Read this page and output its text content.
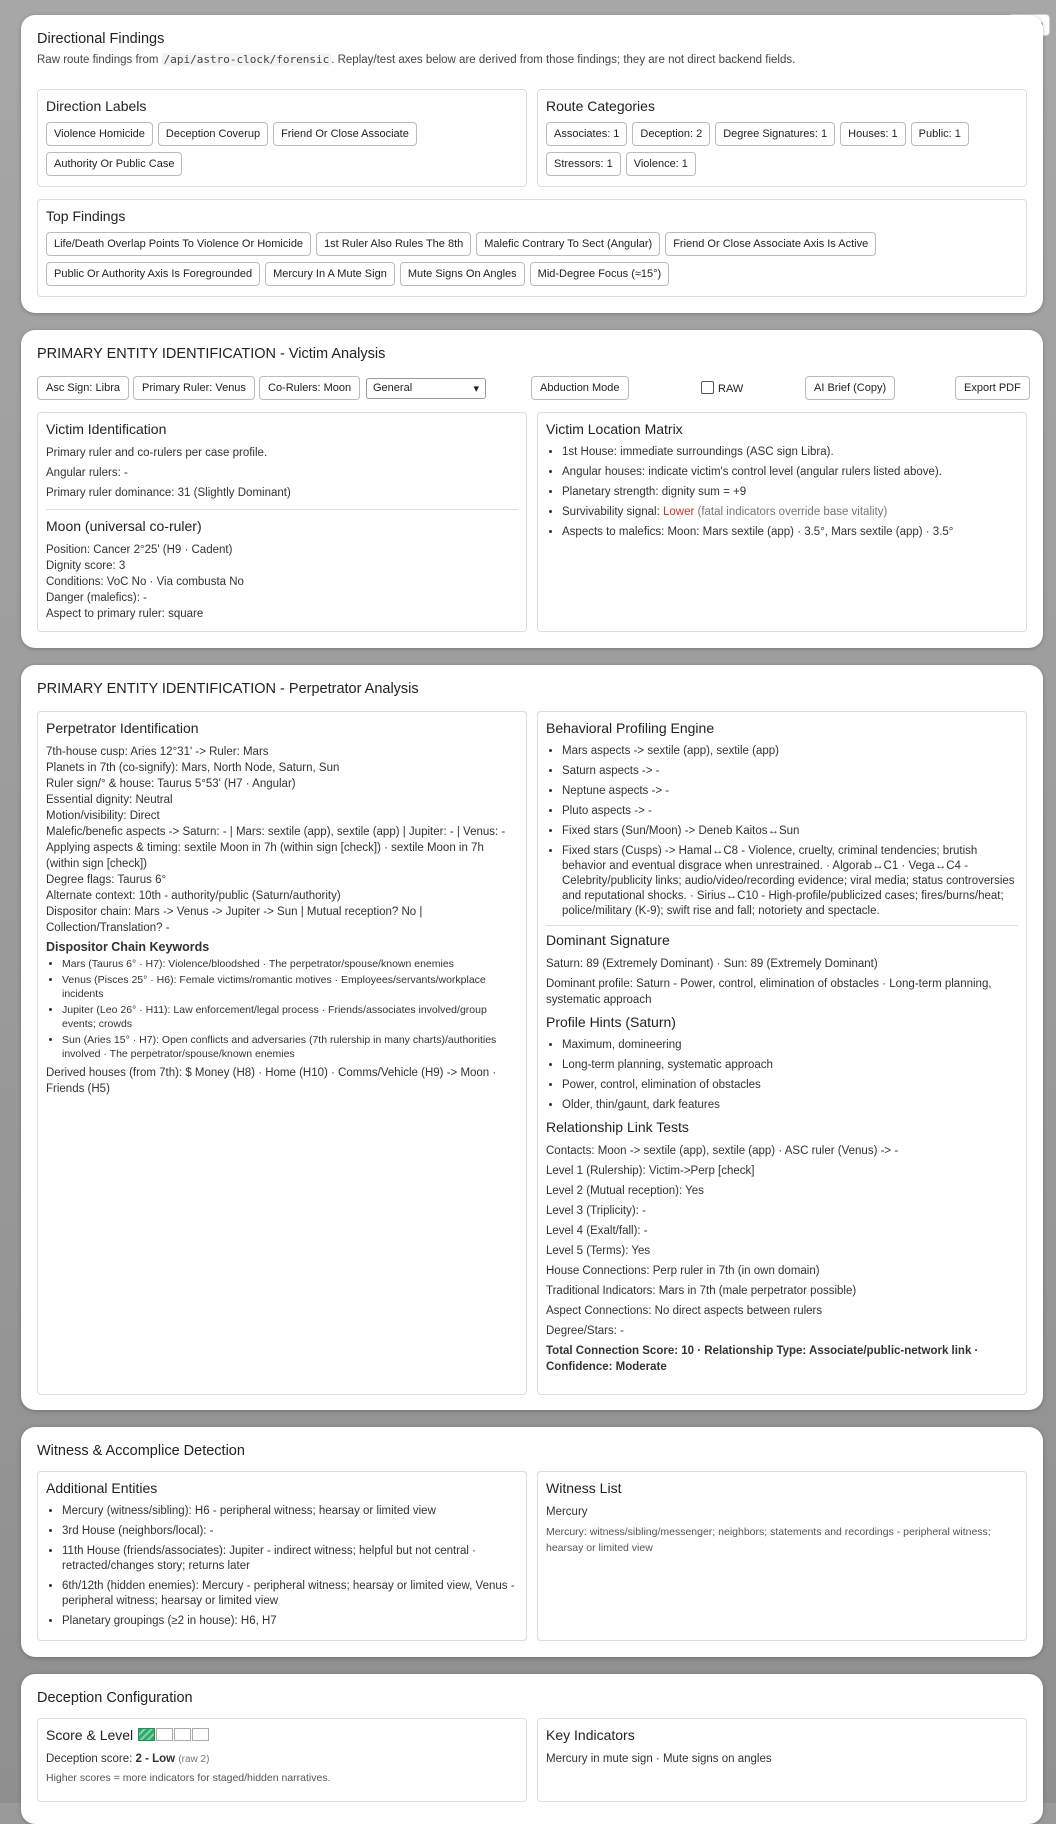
Directional Findings
Raw route findings from /api/astro-clock/forensic . Replay/test axes below are derived from those findings; they are not direct backend fields.
Direction Labels
Violence Homicide	Deception Coverup	Friend Or Close Associate
Authority Or Public Case
Route Categories
Associates: 1	Deception: 2	Degree Signatures: 1	Houses: 1	Public: 1
Stressors: 1	Violence: 1
Top Findings
Life/Death Overlap Points To Violence Or Homicide	1st Ruler Also Rules The 8th	Malefic Contrary To Sect (Angular)	Friend Or Close Associate Axis Is Active
Public Or Authority Axis Is Foregrounded	Mercury In A Mute Sign	Mute Signs On Angles	Mid-Degree Focus (≈15°)
PRIMARY ENTITY IDENTIFICATION - Victim Analysis
Asc Sign: Libra	Primary Ruler: Venus	Co-Rulers: Moon	General	▾	Abduction Mode	RAW	AI Brief (Copy)	Export PDF
Victim Identification
Primary ruler and co-rulers per case profile.
Angular rulers: -
Primary ruler dominance: 31 (Slightly Dominant)
Moon (universal co-ruler)
Position: Cancer 2°25' (H9 · Cadent)
Dignity score: 3
Conditions: VoC No · Via combusta No
Danger (malefics): -
Aspect to primary ruler: square
Victim Location Matrix
• 1st House: immediate surroundings (ASC sign Libra).
• Angular houses: indicate victim's control level (angular rulers listed above).
• Planetary strength: dignity sum = +9
• Survivability signal: Lower (fatal indicators override base vitality)
• Aspects to malefics: Moon: Mars sextile (app) · 3.5°, Mars sextile (app) · 3.5°
PRIMARY ENTITY IDENTIFICATION - Perpetrator Analysis
Perpetrator Identification
7th-house cusp: Aries 12°31' -> Ruler: Mars
Planets in 7th (co-signify): Mars, North Node, Saturn, Sun
Ruler sign/° & house: Taurus 5°53' (H7 · Angular)
Essential dignity: Neutral
Motion/visibility: Direct
Malefic/benefic aspects -> Saturn: - | Mars: sextile (app), sextile (app) | Jupiter: - | Venus: -
Applying aspects & timing: sextile Moon in 7h (within sign [check]) · sextile Moon in 7h (within sign [check])
Degree flags: Taurus 6°
Alternate context: 10th - authority/public (Saturn/authority)
Dispositor chain: Mars -> Venus -> Jupiter -> Sun | Mutual reception? No | Collection/Translation? -
Dispositor Chain Keywords
• Mars (Taurus 6° · H7): Violence/bloodshed · The perpetrator/spouse/known enemies
• Venus (Pisces 25° · H6): Female victims/romantic motives · Employees/servants/workplace incidents
• Jupiter (Leo 26° · H11): Law enforcement/legal process · Friends/associates involved/group events; crowds
• Sun (Aries 15° · H7): Open conflicts and adversaries (7th rulership in many charts)/authorities involved · The perpetrator/spouse/known enemies
Derived houses (from 7th): $ Money (H8) · Home (H10) · Comms/Vehicle (H9) -> Moon · Friends (H5)
Behavioral Profiling Engine
• Mars aspects -> sextile (app), sextile (app)
• Saturn aspects -> -
• Neptune aspects -> -
• Pluto aspects -> -
• Fixed stars (Sun/Moon) -> Deneb Kaitos↔Sun
• Fixed stars (Cusps) -> Hamal↔C8 - Violence, cruelty, criminal tendencies; brutish behavior and eventual disgrace when unrestrained. · Algorab↔C1 · Vega↔C4 - Celebrity/publicity links; audio/video/recording evidence; viral media; status controversies and reputational shocks. · Sirius↔C10 - High-profile/publicized cases; fires/burns/heat; police/military (K-9); swift rise and fall; notoriety and spectacle.
Dominant Signature
Saturn: 89 (Extremely Dominant) · Sun: 89 (Extremely Dominant)
Dominant profile: Saturn - Power, control, elimination of obstacles · Long-term planning, systematic approach
Profile Hints (Saturn)
• Maximum, domineering
• Long-term planning, systematic approach
• Power, control, elimination of obstacles
• Older, thin/gaunt, dark features
Relationship Link Tests
Contacts: Moon -> sextile (app), sextile (app) · ASC ruler (Venus) -> -
Level 1 (Rulership): Victim->Perp [check]
Level 2 (Mutual reception): Yes
Level 3 (Triplicity): -
Level 4 (Exalt/fall): -
Level 5 (Terms): Yes
House Connections: Perp ruler in 7th (in own domain)
Traditional Indicators: Mars in 7th (male perpetrator possible)
Aspect Connections: No direct aspects between rulers
Degree/Stars: -
Total Connection Score: 10 · Relationship Type: Associate/public-network link · Confidence: Moderate
Witness & Accomplice Detection
Additional Entities
• Mercury (witness/sibling): H6 - peripheral witness; hearsay or limited view
• 3rd House (neighbors/local): -
• 11th House (friends/associates): Jupiter - indirect witness; helpful but not central · retracted/changes story; returns later
• 6th/12th (hidden enemies): Mercury - peripheral witness; hearsay or limited view, Venus - peripheral witness; hearsay or limited view
• Planetary groupings (≥2 in house): H6, H7
Witness List
Mercury
Mercury: witness/sibling/messenger; neighbors; statements and recordings - peripheral witness; hearsay or limited view
Deception Configuration
Score & Level
Deception score: 2 - Low (raw 2)
Higher scores = more indicators for staged/hidden narratives.
Key Indicators
Mercury in mute sign · Mute signs on angles
